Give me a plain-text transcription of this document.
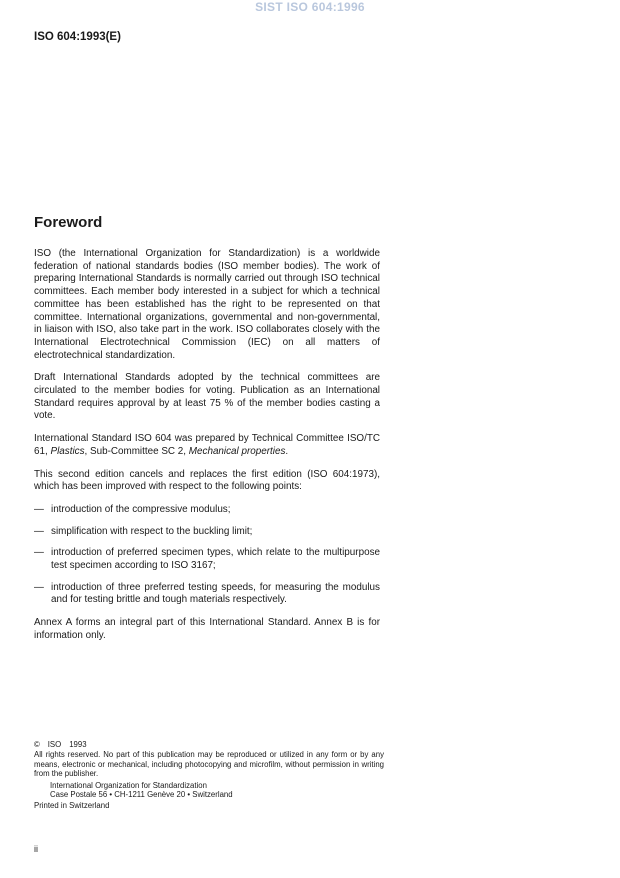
SIST ISO 604:1996
ISO 604:1993(E)
Foreword

ISO (the International Organization for Standardization) is a worldwide federation of national standards bodies (ISO member bodies). The work of preparing International Standards is normally carried out through ISO technical committees. Each member body interested in a subject for which a technical committee has been established has the right to be represented on that committee. International organizations, governmental and non-governmental, in liaison with ISO, also take part in the work. ISO collaborates closely with the International Electrotechnical Commission (IEC) on all matters of electrotechnical standardization.

Draft International Standards adopted by the technical committees are circulated to the member bodies for voting. Publication as an International Standard requires approval by at least 75 % of the member bodies casting a vote.

International Standard ISO 604 was prepared by Technical Committee ISO/TC 61, Plastics, Sub-Committee SC 2, Mechanical properties.

This second edition cancels and replaces the first edition (ISO 604:1973), which has been improved with respect to the following points:

— introduction of the compressive modulus;
— simplification with respect to the buckling limit;
— introduction of preferred specimen types, which relate to the multipurpose test specimen according to ISO 3167;
— introduction of three preferred testing speeds, for measuring the modulus and for testing brittle and tough materials respectively.

Annex A forms an integral part of this International Standard. Annex B is for information only.

© ISO 1993

All rights reserved. No part of this publication may be reproduced or utilized in any form or by any means, electronic or mechanical, including photocopying and microfilm, without permission in writing from the publisher.

International Organization for Standardization

Case Postale 56 • CH-1211 Genève 20 • Switzerland

Printed in Switzerland

ii
